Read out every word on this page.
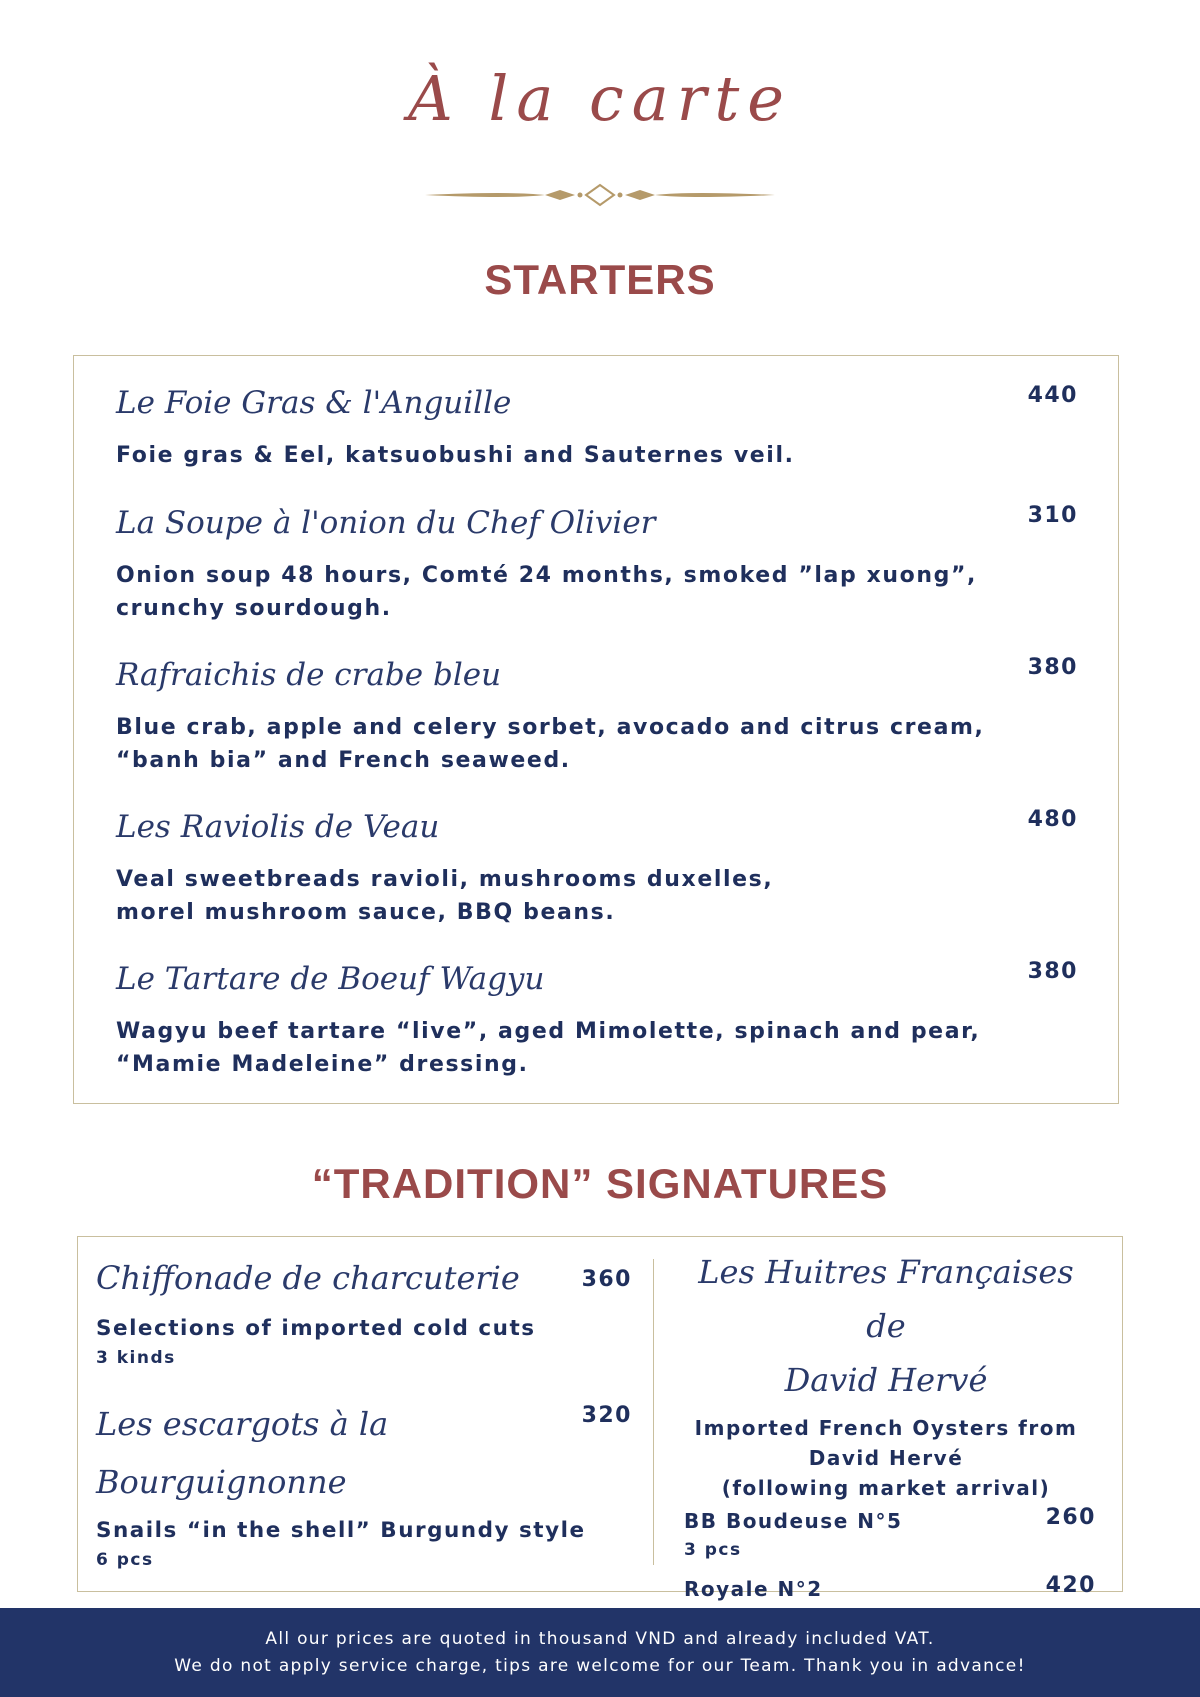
À la carte
STARTERS
Le Foie Gras & l'Anguille	440
Foie gras & Eel, katsuobushi and Sauternes veil.
La Soupe à l'onion du Chef Olivier	310
Onion soup 48 hours, Comté 24 months, smoked ”lap xuong”,
crunchy sourdough.
Rafraichis de crabe bleu	380
Blue crab, apple and celery sorbet, avocado and citrus cream,
“banh bia” and French seaweed.
Les Raviolis de Veau	480
Veal sweetbreads ravioli, mushrooms duxelles,
morel mushroom sauce, BBQ beans.
Le Tartare de Boeuf Wagyu	380
Wagyu beef tartare “live”, aged Mimolette, spinach and pear,
“Mamie Madeleine” dressing.
“TRADITION” SIGNATURES
Chiffonade de charcuterie	360
Selections of imported cold cuts
3 kinds
Les escargots à la
Bourguignonne
320
Snails “in the shell” Burgundy style
6 pcs
Les Huitres Françaises de
David Hervé
Imported French Oysters from
David Hervé
(following market arrival)
BB Boudeuse N°5	260
3 pcs
Royale N°2	420
All our prices are quoted in thousand VND and already included VAT.
We do not apply service charge, tips are welcome for our Team. Thank you in advance!
